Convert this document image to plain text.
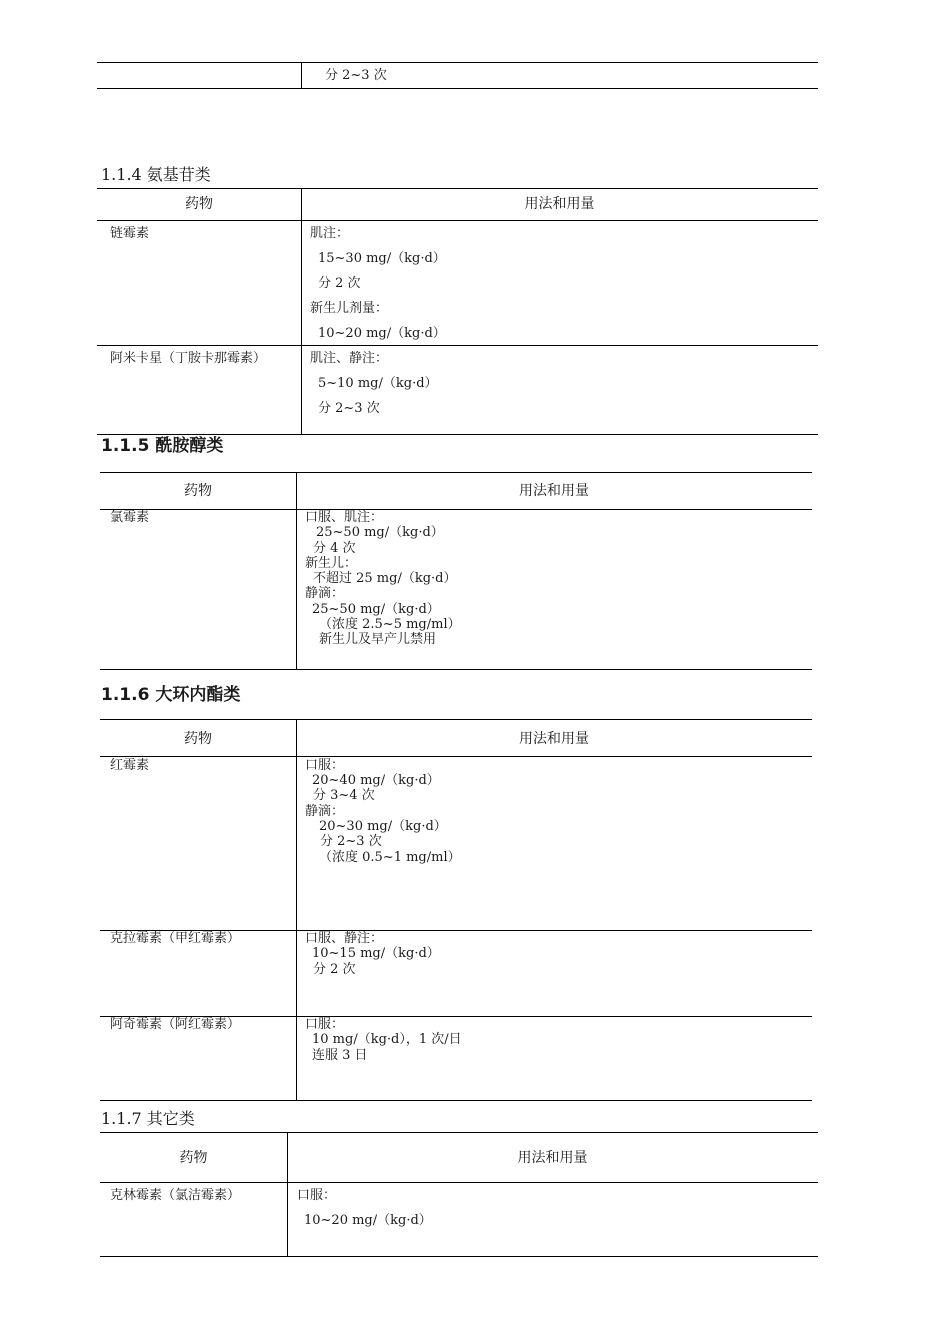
分 2~3 次
1.1.4 氨基苷类
药物	用法和用量
链霉素	肌注：
15~30 mg/（kg·d）
分 2 次
新生儿剂量：
10~20 mg/（kg·d）
阿米卡星（丁胺卡那霉素）	肌注、静注：
5~10 mg/（kg·d）
分 2~3 次
1.1.5 酰胺醇类
药物	用法和用量
氯霉素	口服、肌注：
25~50 mg/（kg·d）
分 4 次
新生儿：
不超过 25 mg/（kg·d）
静滴：
25~50 mg/（kg·d）
（浓度 2.5~5 mg/ml）
新生儿及早产儿禁用
1.1.6 大环内酯类
药物	用法和用量
红霉素	口服：
20~40 mg/（kg·d）
分 3~4 次
静滴：
20~30 mg/（kg·d）
分 2~3 次
（浓度 0.5~1 mg/ml）
克拉霉素（甲红霉素）	口服、静注：
10~15 mg/（kg·d）
分 2 次
阿奇霉素（阿红霉素）	口服：
10 mg/（kg·d），1 次/日
连服 3 日
1.1.7 其它类
药物	用法和用量
克林霉素（氯洁霉素）	口服：
10~20 mg/（kg·d）
